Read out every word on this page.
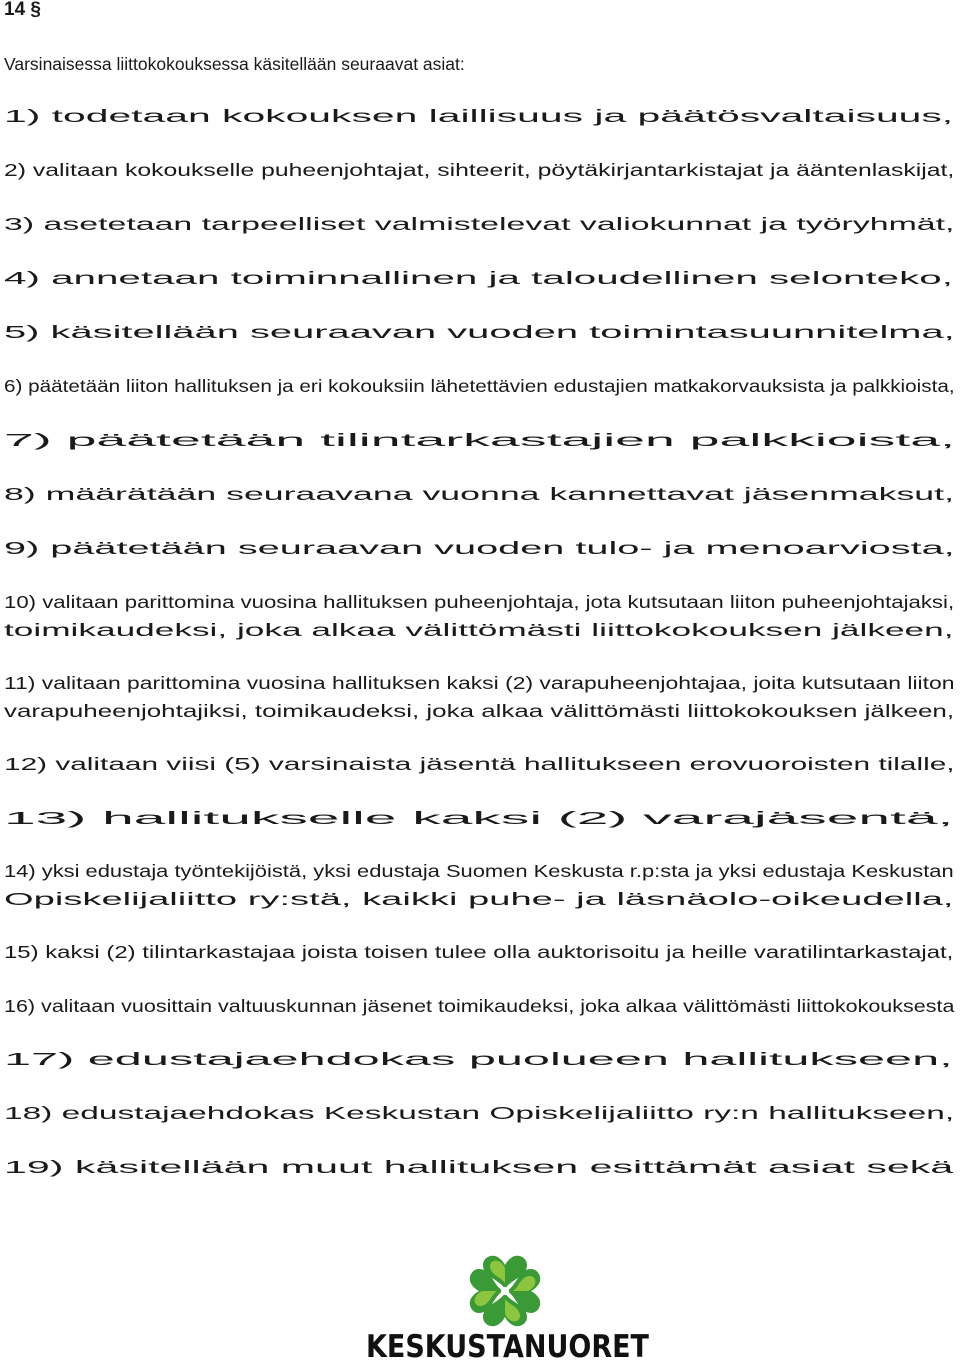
14 §
Varsinaisessa liittokokouksessa käsitellään seuraavat asiat:
1) todetaan kokouksen laillisuus ja päätösvaltaisuus,
2) valitaan kokoukselle puheenjohtajat, sihteerit, pöytäkirjantarkistajat ja ääntenlaskijat,
3) asetetaan tarpeelliset valmistelevat valiokunnat ja työryhmät,
4) annetaan toiminnallinen ja taloudellinen selonteko,
5) käsitellään seuraavan vuoden toimintasuunnitelma,
6) päätetään liiton hallituksen ja eri kokouksiin lähetettävien edustajien matkakorvauksista ja palkkioista,
7) päätetään tilintarkastajien palkkioista,
8) määrätään seuraavana vuonna kannettavat jäsenmaksut,
9) päätetään seuraavan vuoden tulo- ja menoarviosta,
10) valitaan parittomina vuosina hallituksen puheenjohtaja, jota kutsutaan liiton puheenjohtajaksi,toimikaudeksi, joka alkaa välittömästi liittokokouksen jälkeen,
11) valitaan parittomina vuosina hallituksen kaksi (2) varapuheenjohtajaa, joita kutsutaan liitonvarapuheenjohtajiksi, toimikaudeksi, joka alkaa välittömästi liittokokouksen jälkeen,
12) valitaan viisi (5) varsinaista jäsentä hallitukseen erovuoroisten tilalle,
13) hallitukselle kaksi (2) varajäsentä,
14) yksi edustaja työntekijöistä, yksi edustaja Suomen Keskusta r.p:sta ja yksi edustaja KeskustanOpiskelijaliitto ry:stä, kaikki puhe- ja läsnäolo-oikeudella,
15) kaksi (2) tilintarkastajaa joista toisen tulee olla auktorisoitu ja heille varatilintarkastajat,
16) valitaan vuosittain valtuuskunnan jäsenet toimikaudeksi, joka alkaa välittömästi liittokokouksesta
17) edustajaehdokas puolueen hallitukseen,
18) edustajaehdokas Keskustan Opiskelijaliitto ry:n hallitukseen,
19) käsitellään muut hallituksen esittämät asiat sekä
KESKUSTANUORET
